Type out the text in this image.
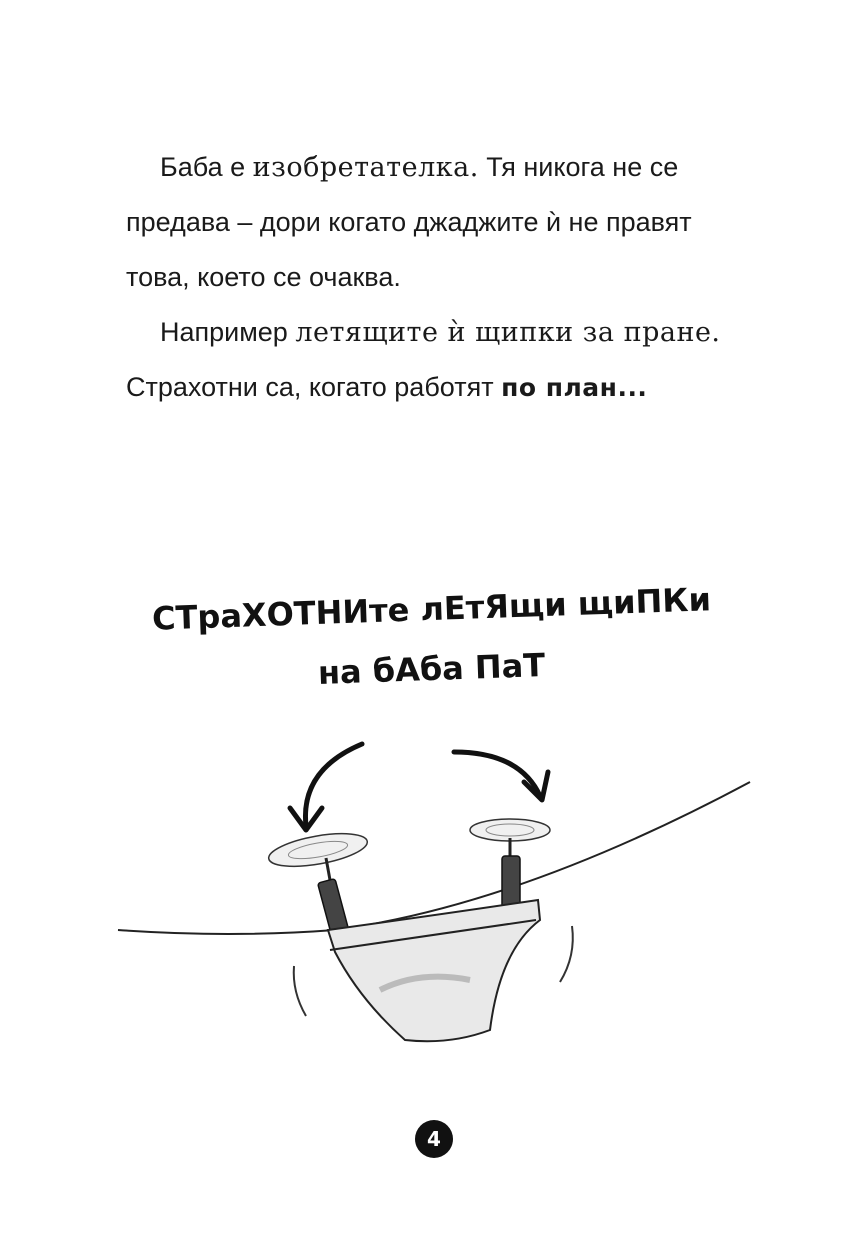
Баба е изобретателка. Тя никога не се предава – дори когато джаджите ѝ не правят това, което се очаква.

Например летящите ѝ щипки за пране. Страхотни са, когато работят по план...

СТраХОТНИте лЕтЯщи щиПКи
на бАба ПаТ
4
